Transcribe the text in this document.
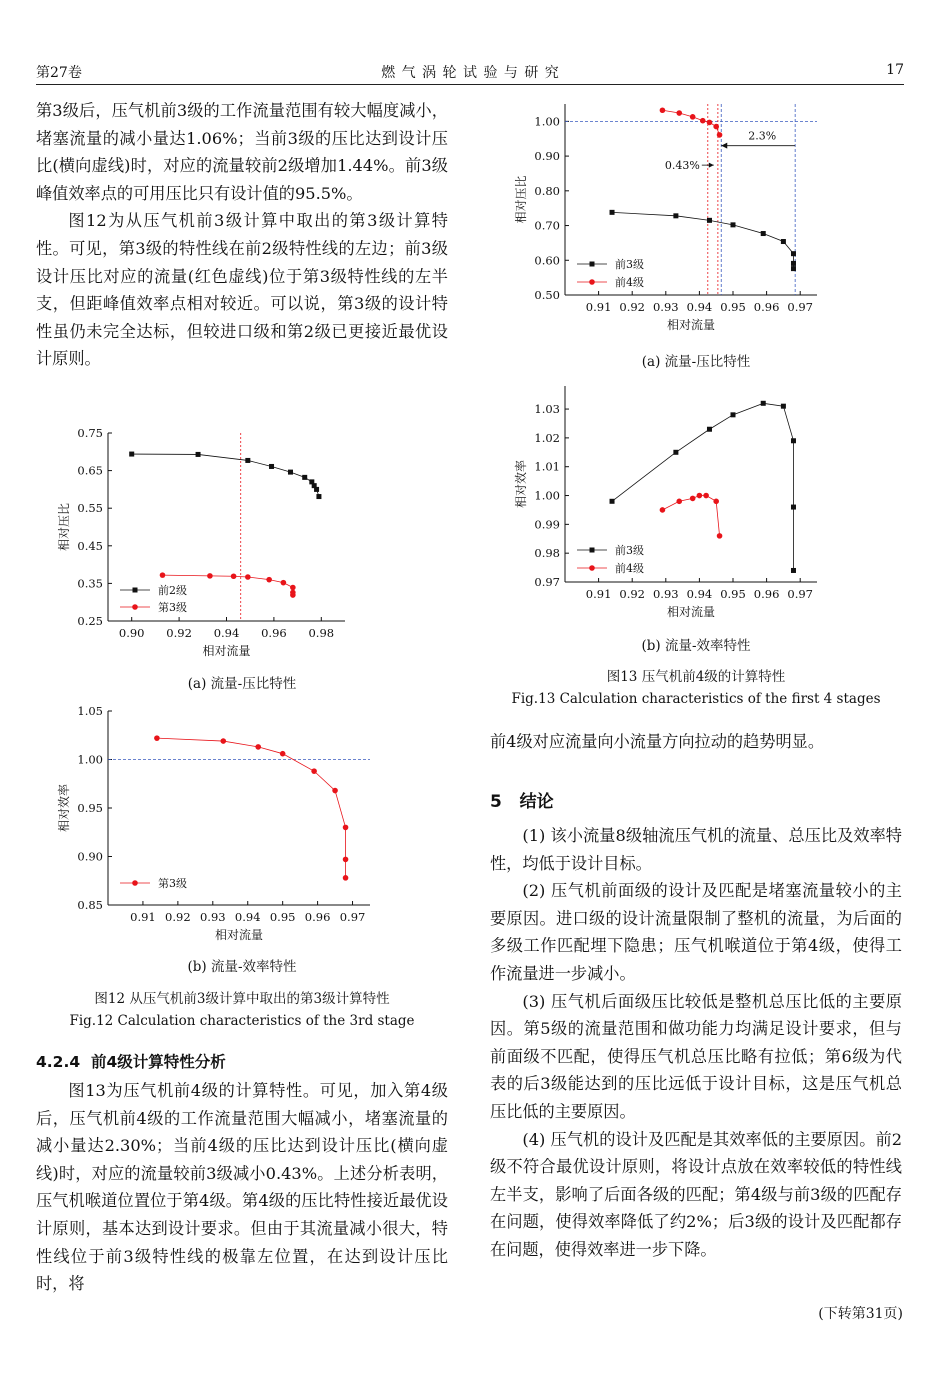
第27卷	燃 气 涡 轮 试 验 与 研 究	17

第3级后，压气机前3级的工作流量范围有较大幅度减小，堵塞流量的减小量达1.06%；当前3级的压比达到设计压比(横向虚线)时，对应的流量较前2级增加1.44%。前3级峰值效率点的可用压比只有设计值的95.5%。

图12为从压气机前3级计算中取出的第3级计算特性。可见，第3级的特性线在前2级特性线的左边；前3级设计压比对应的流量(红色虚线)位于第3级特性线的左半支，但距峰值效率点相对较近。可以说，第3级的设计特性虽仍未完全达标，但较进口级和第2级已更接近最优设计原则。

0.25
0.35
0.45
0.55
0.65
0.75
0.90 0.92 0.94 0.96 0.98
相对流量
相对压比
前2级
第3级
(a) 流量-压比特性
0.85
0.90
0.95
1.00
1.05
0.91 0.92 0.93 0.94 0.95 0.96 0.97
相对流量
相对效率
第3级
(b) 流量-效率特性
图12 从压气机前3级计算中取出的第3级计算特性
Fig.12 Calculation characteristics of the 3rd stage
4.2.4 前4级计算特性分析

图13为压气机前4级的计算特性。可见，加入第4级后，压气机前4级的工作流量范围大幅减小，堵塞流量的减小量达2.30%；当前4级的压比达到设计压比(横向虚线)时，对应的流量较前3级减小0.43%。上述分析表明，压气机喉道位置位于第4级。第4级的压比特性接近最优设计原则，基本达到设计要求。但由于其流量减小很大，特性线位于前3级特性线的极靠左位置，在达到设计压比时，将

0.50
0.60
0.70
0.80
0.90
1.00
0.91 0.92 0.93 0.94 0.95 0.96 0.97
相对流量
相对压比
2.3%
0.43%
前3级
前4级
(a) 流量-压比特性
0.97
0.98
0.99
1.00
1.01
1.02
1.03
0.91 0.92 0.93 0.94 0.95 0.96 0.97
相对流量
相对效率
前3级
前4级
(b) 流量-效率特性
图13 压气机前4级的计算特性
Fig.13 Calculation characteristics of the first 4 stages

前4级对应流量向小流量方向拉动的趋势明显。

5 结论

(1) 该小流量8级轴流压气机的流量、总压比及效率特性，均低于设计目标。

(2) 压气机前面级的设计及匹配是堵塞流量较小的主要原因。进口级的设计流量限制了整机的流量，为后面的多级工作匹配埋下隐患；压气机喉道位于第4级，使得工作流量进一步减小。

(3) 压气机后面级压比较低是整机总压比低的主要原因。第5级的流量范围和做功能力均满足设计要求，但与前面级不匹配，使得压气机总压比略有拉低；第6级为代表的后3级能达到的压比远低于设计目标，这是压气机总压比低的主要原因。

(4) 压气机的设计及匹配是其效率低的主要原因。前2级不符合最优设计原则，将设计点放在效率较低的特性线左半支，影响了后面各级的匹配；第4级与前3级的匹配存在问题，使得效率降低了约2%；后3级的设计及匹配都存在问题，使得效率进一步下降。

(下转第31页)
